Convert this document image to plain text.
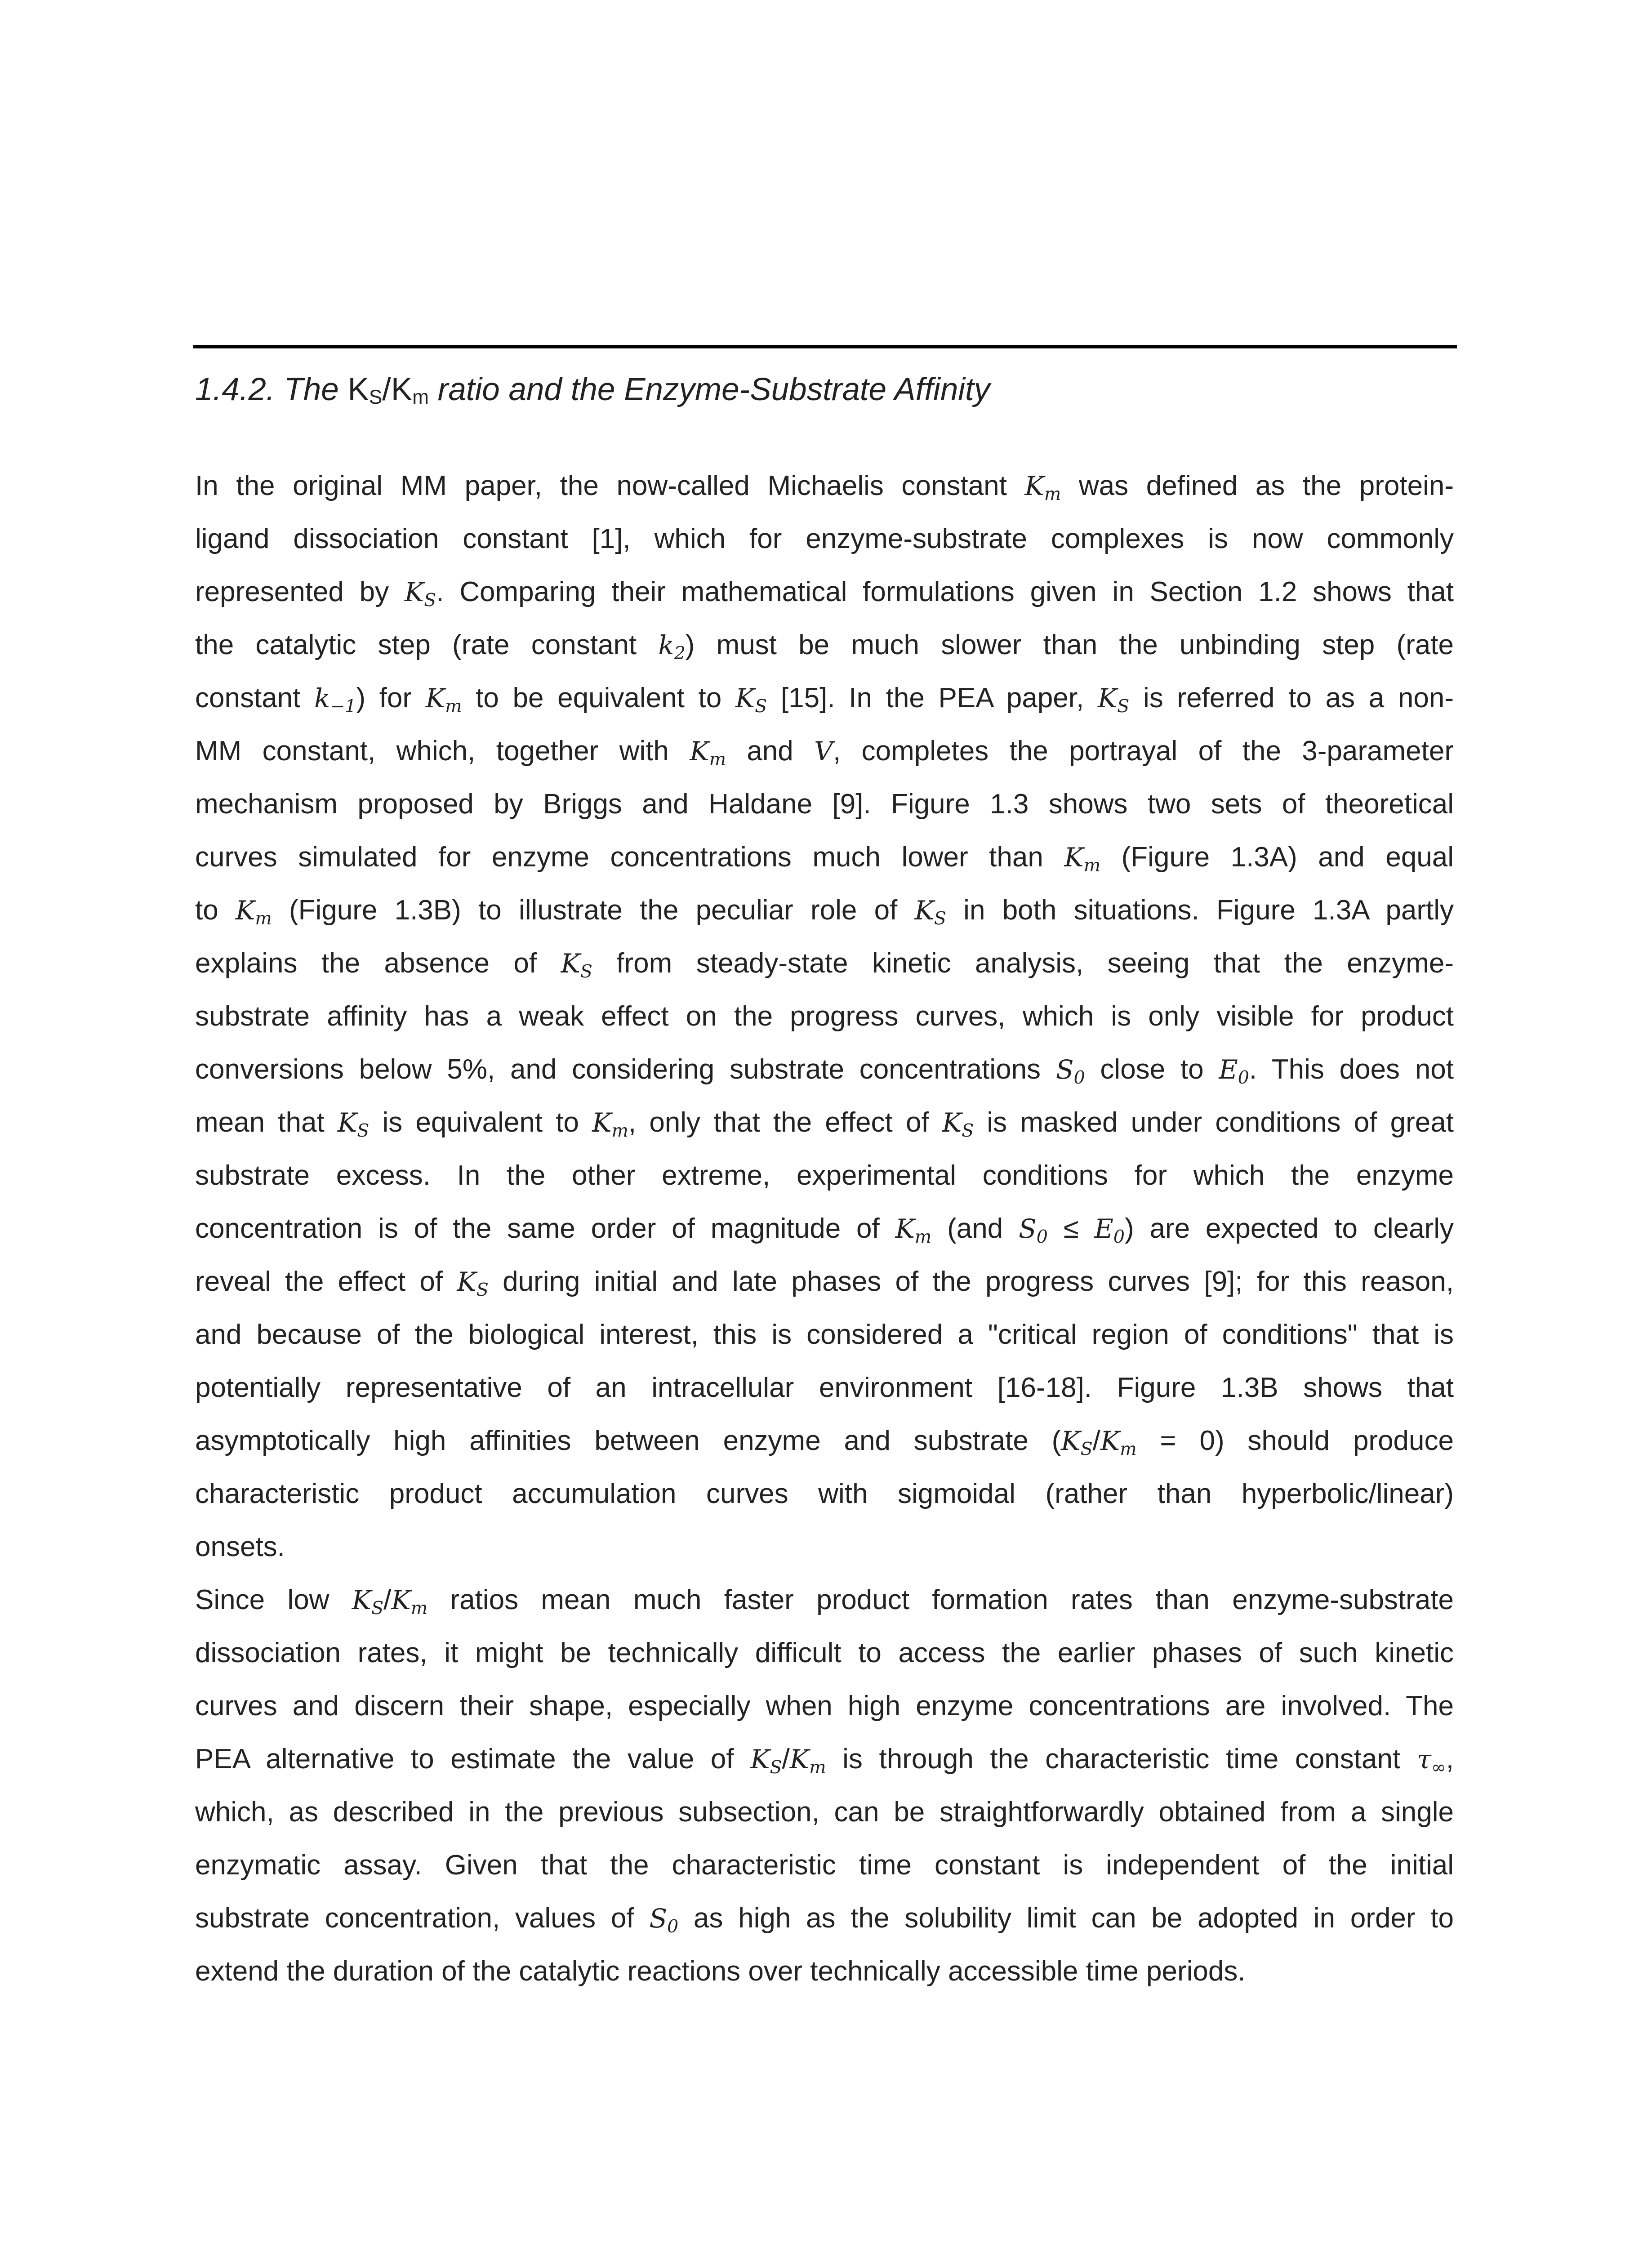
1.4.2. The $K_S/K_m$ ratio and the Enzyme-Substrate Affinity

In the original MM paper, the now-called Michaelis constant $K_m$ was defined as the protein-
ligand dissociation constant [1], which for enzyme-substrate complexes is now commonly
represented by $K_S$. Comparing their mathematical formulations given in Section 1.2 shows that
the catalytic step (rate constant $k_2$) must be much slower than the unbinding step (rate
constant $k_{-1}$) for $K_m$ to be equivalent to $K_S$ [15]. In the PEA paper, $K_S$ is referred to as a non-
MM constant, which, together with $K_m$ and V, completes the portrayal of the 3-parameter
mechanism proposed by Briggs and Haldane [9]. Figure 1.3 shows two sets of theoretical
curves simulated for enzyme concentrations much lower than $K_m$ (Figure 1.3A) and equal
to $K_m$ (Figure 1.3B) to illustrate the peculiar role of $K_S$ in both situations. Figure 1.3A partly
explains the absence of $K_S$ from steady-state kinetic analysis, seeing that the enzyme-
substrate affinity has a weak effect on the progress curves, which is only visible for product
conversions below 5%, and considering substrate concentrations $S_0$ close to $E_0$. This does not
mean that $K_S$ is equivalent to $K_m$, only that the effect of $K_S$ is masked under conditions of great
substrate excess. In the other extreme, experimental conditions for which the enzyme
concentration is of the same order of magnitude of $K_m$ (and $S_0 \le E_0$) are expected to clearly
reveal the effect of $K_S$ during initial and late phases of the progress curves [9]; for this reason,
and because of the biological interest, this is considered a "critical region of conditions" that is
potentially representative of an intracellular environment [16-18]. Figure 1.3B shows that
asymptotically high affinities between enzyme and substrate $(K_S/K_m = 0)$ should produce
characteristic product accumulation curves with sigmoidal (rather than hyperbolic/linear)
onsets.

Since low $K_S/K_m$ ratios mean much faster product formation rates than enzyme-substrate
dissociation rates, it might be technically difficult to access the earlier phases of such kinetic
curves and discern their shape, especially when high enzyme concentrations are involved. The
PEA alternative to estimate the value of $K_S/K_m$ is through the characteristic time constant $\tau_\infty$,
which, as described in the previous subsection, can be straightforwardly obtained from a single
enzymatic assay. Given that the characteristic time constant is independent of the initial
substrate concentration, values of $S_0$ as high as the solubility limit can be adopted in order to
extend the duration of the catalytic reactions over technically accessible time periods.
